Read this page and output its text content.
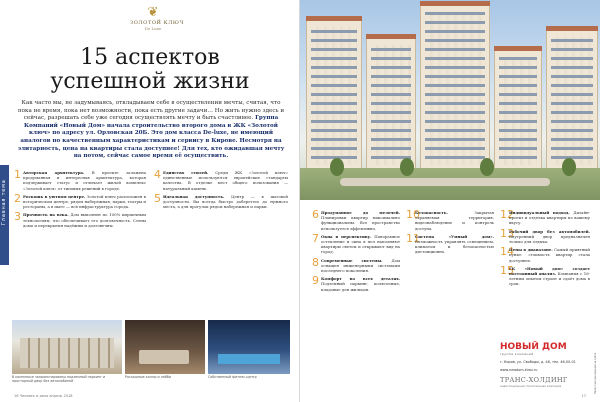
❦
ЗОЛОТОЙ КЛЮЧ
De Luxe
Главная тема
15 аспектов
успешной жизни
Как часто мы, не задумываясь, откладываем себе в осуществлении мечты, считая, что пока не время, пока нет возможности, пока есть другие задачи… Но жить нужно здесь и сейчас, разрешать себе уже сегодня осуществлять мечту и быть счастливее. Группа Компаний «Новый Дом» начала строительство второго дома в ЖК «Золотой ключ» по адресу ул. Орловская 20Б. Это дом класса De-luxe, не имеющий аналогов по качественным характеристикам и сервису в Кирове. Несмотря на элитарность, цена на квартиры стала доступнее! Для тех, кто ожидавшая мечту на потом, сейчас самое время её осуществить.
1 Авторская архитектура. В проекте заложена продуманная и интересная архитектура, которая подчеркивает статус и отличает жилой комплекс «Золотой ключ» от типовых решений в городе.

2 Роскошь в уютном центре. Золотой ключ расположен в историческом центре, рядом набережная, парки, театры и рестораны, а в шаге — вся инфраструктура города.

3 Прочность на века. Дом выполнен по 100% кирпичным технологиям, что обеспечивает его долговечность. Стены дома и перекрытия надёжны и долговечны.

4 Единство стилей. Среди ЖК «Золотой ключ» единственные используются европейские стандарты качества. В отделке мест общего пользования — натуральный камень.

5 Идеальная доступность. Центр — в шаговой доступности. Вы всегда быстро доберетесь до нужного места, а для прогулок рядом набережная и парки.

В комплексе запроектированы подземный паркинг и просторный двор без автомобилей
Роскошные холлы и лобби	Собственный фитнес-центр
16 Человек и дело апрель 2018
6 Продуманное до мелочей. Планировки квартир максимально функциональны. Все пространство используется эффективно.

7 Окна в перспективу. Панорамное остекление и окна в пол наполняют квартиры светом и открывают вид на город.

8 Современные системы. Дом оснащен инженерными системами последнего поколения.

9 Комфорт во всех деталях. Подземный паркинг, колясочные, кладовые для жильцов.

10

Безопасность.	Закрытая охраняемая территория, видеонаблюдение и контроль доступа.

11

Система «Умный дом». Возможность управлять освещением, климатом и безопасностью дистанционно.

12

Индивидуальный подход. Дизайн-проект и отделка квартиры по вашему вкусу.

13

Рабочий двор без автомобилей. Внутренний двор предназначен только для отдыха.

14

Цены в диапазоне. Самый приятный пункт: стоимость квартир стала доступнее.

15

ГК «Новый дом» создает постоянный анализ. Компания с 16-летним опытом строит и сдаёт дома в срок.

НОВЫЙ ДОМ
группа компаний
г. Киров, ул. Свободы, д. 46, тел. 46-00-01
www.newdom.kirov.ru
ТРАНС-ХОЛДИНГ
инвестиционная строительная компания	Проектная декларация на сайте
17
